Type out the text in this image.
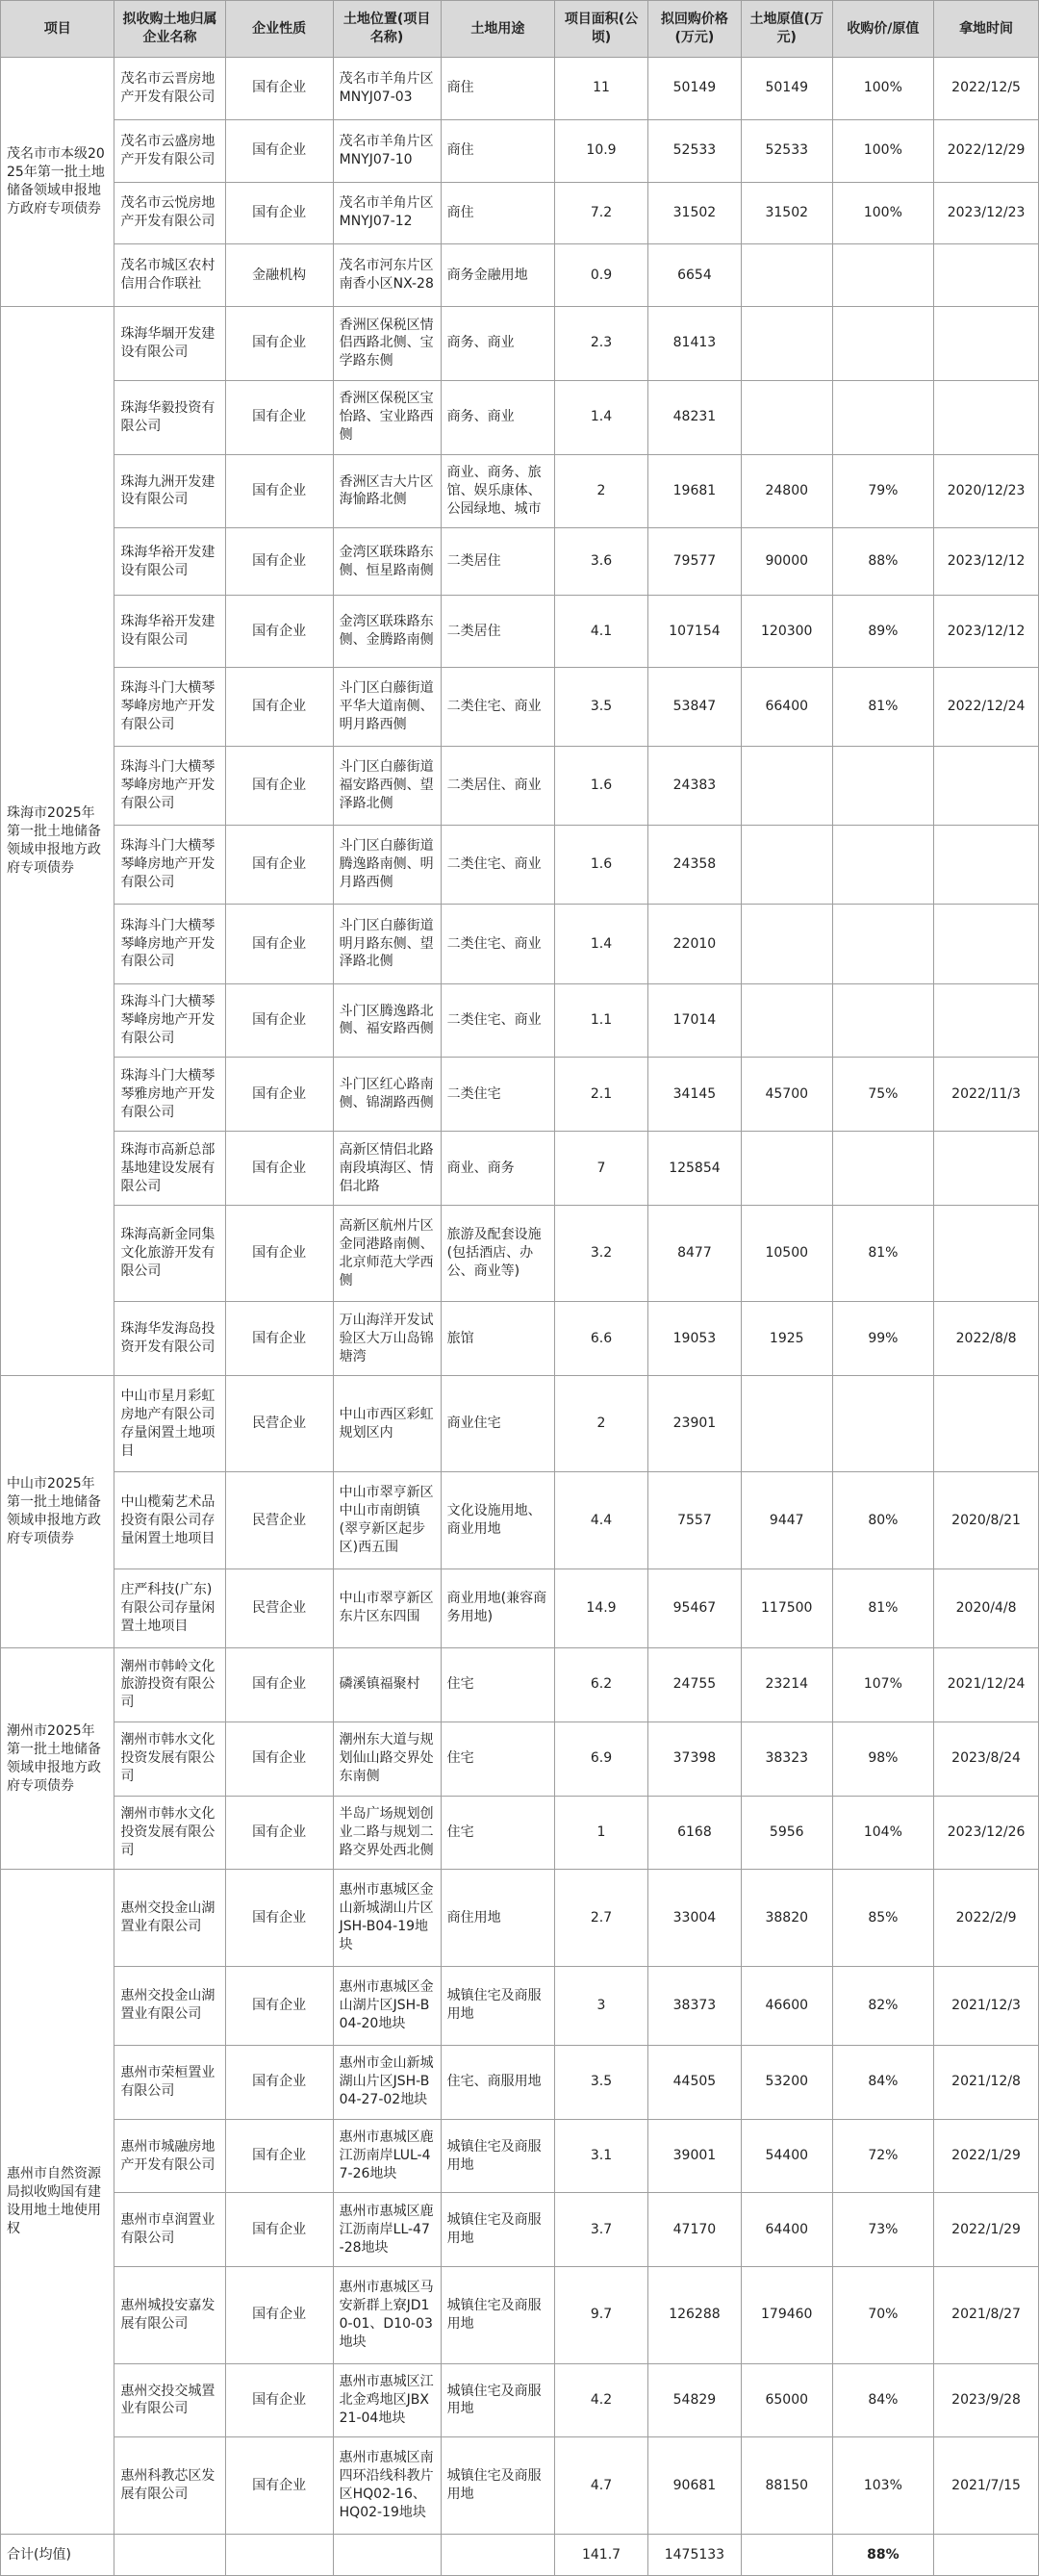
项目	拟收购土地归属企业名称	企业性质	土地位置(项目名称)	土地用途	项目面积(公顷)	拟回购价格(万元)	土地原值(万元)	收购价/原值	拿地时间
茂名市市本级2025年第一批土地储备领域申报地方政府专项债券	茂名市云晋房地产开发有限公司	国有企业	茂名市羊角片区MNYJ07-03	商住	11	50149	50149	100%	2022/12/5
	茂名市云盛房地产开发有限公司	国有企业	茂名市羊角片区MNYJ07-10	商住	10.9	52533	52533	100%	2022/12/29
	茂名市云悦房地产开发有限公司	国有企业	茂名市羊角片区MNYJ07-12	商住	7.2	31502	31502	100%	2023/12/23
	茂名市城区农村信用合作联社	金融机构	茂名市河东片区南香小区NX-28	商务金融用地	0.9	6654			
珠海市2025年第一批土地储备领域申报地方政府专项债券	珠海华堌开发建设有限公司	国有企业	香洲区保税区情侣西路北侧、宝学路东侧	商务、商业	2.3	81413			
	珠海华毅投资有限公司	国有企业	香洲区保税区宝怡路、宝业路西侧	商务、商业	1.4	48231			
	珠海九洲开发建设有限公司	国有企业	香洲区吉大片区海愉路北侧	商业、商务、旅馆、娱乐康体、公园绿地、城市	2	19681	24800	79%	2020/12/23
	珠海华裕开发建设有限公司	国有企业	金湾区联珠路东侧、恒星路南侧	二类居住	3.6	79577	90000	88%	2023/12/12
	珠海华裕开发建设有限公司	国有企业	金湾区联珠路东侧、金腾路南侧	二类居住	4.1	107154	120300	89%	2023/12/12
	珠海斗门大横琴琴峰房地产开发有限公司	国有企业	斗门区白藤街道平华大道南侧、明月路西侧	二类住宅、商业	3.5	53847	66400	81%	2022/12/24
	珠海斗门大横琴琴峰房地产开发有限公司	国有企业	斗门区白藤街道福安路西侧、望泽路北侧	二类居住、商业	1.6	24383			
	珠海斗门大横琴琴峰房地产开发有限公司	国有企业	斗门区白藤街道腾逸路南侧、明月路西侧	二类住宅、商业	1.6	24358			
	珠海斗门大横琴琴峰房地产开发有限公司	国有企业	斗门区白藤街道明月路东侧、望泽路北侧	二类住宅、商业	1.4	22010			
	珠海斗门大横琴琴峰房地产开发有限公司	国有企业	斗门区腾逸路北侧、福安路西侧	二类住宅、商业	1.1	17014			
	珠海斗门大横琴琴雅房地产开发有限公司	国有企业	斗门区红心路南侧、锦湖路西侧	二类住宅	2.1	34145	45700	75%	2022/11/3
	珠海市高新总部基地建设发展有限公司	国有企业	高新区情侣北路南段填海区、情侣北路	商业、商务	7	125854			
	珠海高新金同集文化旅游开发有限公司	国有企业	高新区航州片区金同港路南侧、北京师范大学西侧	旅游及配套设施(包括酒店、办公、商业等)	3.2	8477	10500	81%	
	珠海华发海岛投资开发有限公司	国有企业	万山海洋开发试验区大万山岛锦塘湾	旅馆	6.6	19053	1925	99%	2022/8/8
中山市2025年第一批土地储备领域申报地方政府专项债券	中山市星月彩虹房地产有限公司存量闲置土地项目	民营企业	中山市西区彩虹规划区内	商业住宅	2	23901			
	中山榄菊艺术品投资有限公司存量闲置土地项目	民营企业	中山市翠亨新区中山市南朗镇(翠亨新区起步区)西五围	文化设施用地、商业用地	4.4	7557	9447	80%	2020/8/21
	庄严科技(广东)有限公司存量闲置土地项目	民营企业	中山市翠亨新区东片区东四围	商业用地(兼容商务用地)	14.9	95467	117500	81%	2020/4/8
潮州市2025年第一批土地储备领域申报地方政府专项债券	潮州市韩岭文化旅游投资有限公司	国有企业	磷溪镇福聚村	住宅	6.2	24755	23214	107%	2021/12/24
	潮州市韩水文化投资发展有限公司	国有企业	潮州东大道与规划仙山路交界处东南侧	住宅	6.9	37398	38323	98%	2023/8/24
	潮州市韩水文化投资发展有限公司	国有企业	半岛广场规划创业二路与规划二路交界处西北侧	住宅	1	6168	5956	104%	2023/12/26
惠州市自然资源局拟收购国有建设用地土地使用权	惠州交投金山湖置业有限公司	国有企业	惠州市惠城区金山新城湖山片区JSH-B04-19地块	商住用地	2.7	33004	38820	85%	2022/2/9
	惠州交投金山湖置业有限公司	国有企业	惠州市惠城区金山湖片区JSH-B04-20地块	城镇住宅及商服用地	3	38373	46600	82%	2021/12/3
	惠州市荣桓置业有限公司	国有企业	惠州市金山新城湖山片区JSH-B04-27-02地块	住宅、商服用地	3.5	44505	53200	84%	2021/12/8
	惠州市城融房地产开发有限公司	国有企业	惠州市惠城区鹿江沥南岸LUL-47-26地块	城镇住宅及商服用地	3.1	39001	54400	72%	2022/1/29
	惠州市卓润置业有限公司	国有企业	惠州市惠城区鹿江沥南岸LL-47-28地块	城镇住宅及商服用地	3.7	47170	64400	73%	2022/1/29
	惠州城投安嘉发展有限公司	国有企业	惠州市惠城区马安新群上寮JD10-01、D10-03地块	城镇住宅及商服用地	9.7	126288	179460	70%	2021/8/27
	惠州交投交城置业有限公司	国有企业	惠州市惠城区江北金鸡地区JBX21-04地块	城镇住宅及商服用地	4.2	54829	65000	84%	2023/9/28
	惠州科教芯区发展有限公司	国有企业	惠州市惠城区南四环沿线科教片区HQ02-16、HQ02-19地块	城镇住宅及商服用地	4.7	90681	88150	103%	2021/7/15
合计(均值)					141.7	1475133		88%	
